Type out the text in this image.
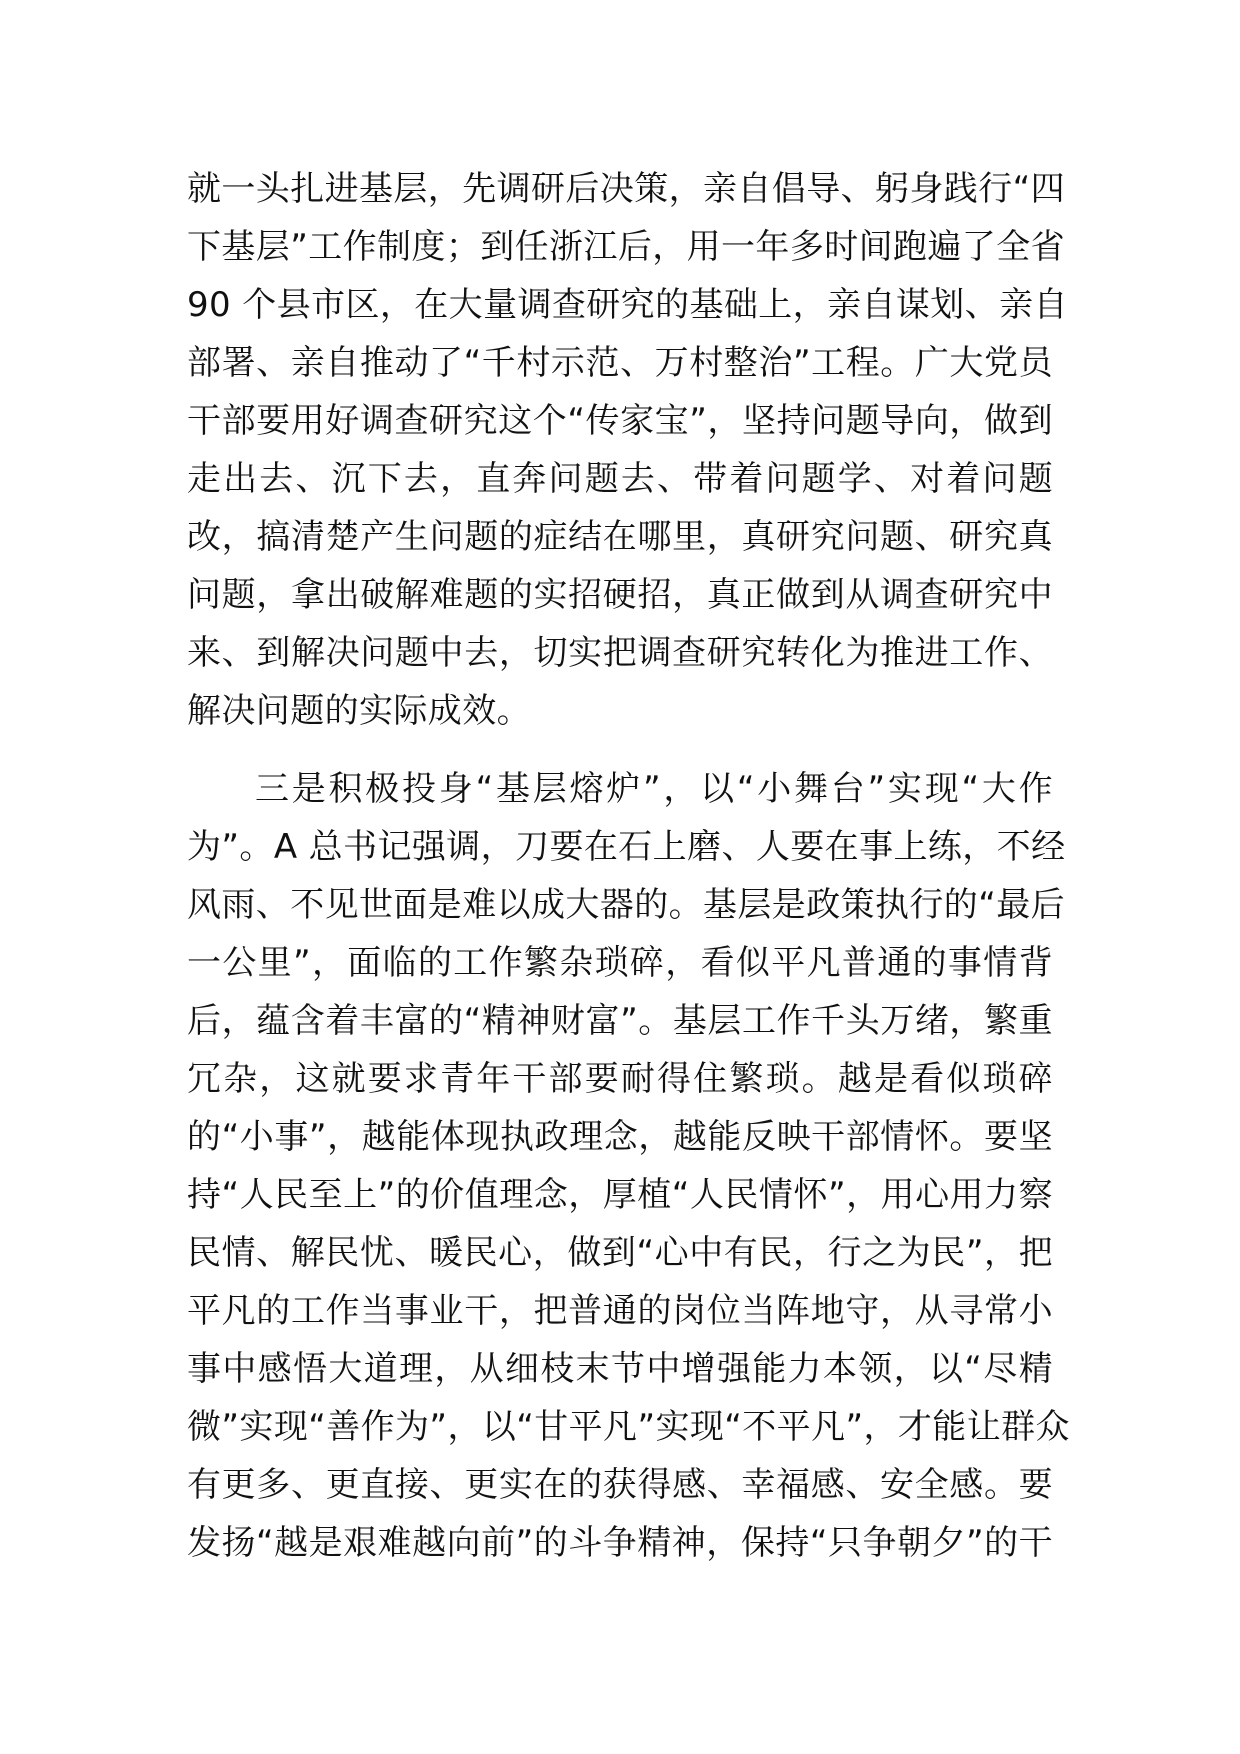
就一头扎进基层，先调研后决策，亲自倡导、躬身践行“四
下基层”工作制度；到任浙江后，用一年多时间跑遍了全省
90 个县市区，在大量调查研究的基础上，亲自谋划、亲自
部署、亲自推动了“千村示范、万村整治”工程。广大党员
干部要用好调查研究这个“传家宝”，坚持问题导向，做到
走出去、沉下去，直奔问题去、带着问题学、对着问题
改，搞清楚产生问题的症结在哪里，真研究问题、研究真
问题，拿出破解难题的实招硬招，真正做到从调查研究中
来、到解决问题中去，切实把调查研究转化为推进工作、
解决问题的实际成效。
三是积极投身“基层熔炉”，以“小舞台”实现“大作
为”。A 总书记强调，刀要在石上磨、人要在事上练，不经
风雨、不见世面是难以成大器的。基层是政策执行的“最后
一公里”，面临的工作繁杂琐碎，看似平凡普通的事情背
后，蕴含着丰富的“精神财富”。基层工作千头万绪，繁重
冗杂，这就要求青年干部要耐得住繁琐。越是看似琐碎
的“小事”，越能体现执政理念，越能反映干部情怀。要坚
持“人民至上”的价值理念，厚植“人民情怀”，用心用力察
民情、解民忧、暖民心，做到“心中有民，行之为民”，把
平凡的工作当事业干，把普通的岗位当阵地守，从寻常小
事中感悟大道理，从细枝末节中增强能力本领，以“尽精
微”实现“善作为”，以“甘平凡”实现“不平凡”，才能让群众
有更多、更直接、更实在的获得感、幸福感、安全感。要
发扬“越是艰难越向前”的斗争精神，保持“只争朝夕”的干
